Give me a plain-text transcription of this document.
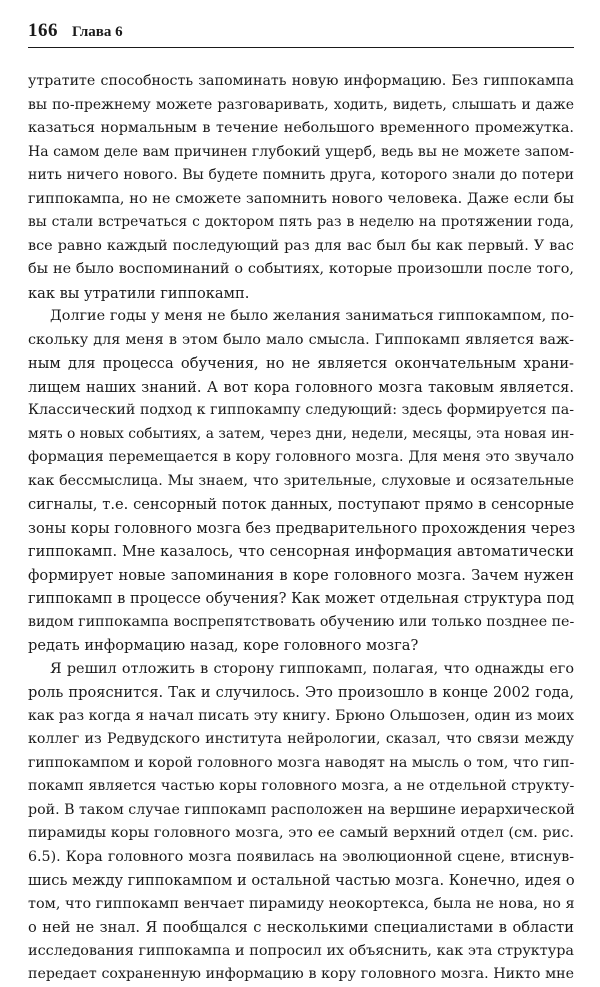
166 Глава 6
утратите способность запоминать новую информацию. Без гиппокампа
вы по-прежнему можете разговаривать, ходить, видеть, слышать и даже
казаться нормальным в течение небольшого временного промежутка.
На самом деле вам причинен глубокий ущерб, ведь вы не можете запом-
нить ничего нового. Вы будете помнить друга, которого знали до потери
гиппокампа, но не сможете запомнить нового человека. Даже если бы
вы стали встречаться с доктором пять раз в неделю на протяжении года,
все равно каждый последующий раз для вас был бы как первый. У вас
бы не было воспоминаний о событиях, которые произошли после того,
как вы утратили гиппокамп.
Долгие годы у меня не было желания заниматься гиппокампом, по-
скольку для меня в этом было мало смысла. Гиппокамп является важ-
ным для процесса обучения, но не является окончательным храни-
лищем наших знаний. А вот кора головного мозга таковым является.
Классический подход к гиппокампу следующий: здесь формируется па-
мять о новых событиях, а затем, через дни, недели, месяцы, эта новая ин-
формация перемещается в кору головного мозга. Для меня это звучало
как бессмыслица. Мы знаем, что зрительные, слуховые и осязательные
сигналы, т.е. сенсорный поток данных, поступают прямо в сенсорные
зоны коры головного мозга без предварительного прохождения через
гиппокамп. Мне казалось, что сенсорная информация автоматически
формирует новые запоминания в коре головного мозга. Зачем нужен
гиппокамп в процессе обучения? Как может отдельная структура под
видом гиппокампа воспрепятствовать обучению или только позднее пе-
редать информацию назад, коре головного мозга?
Я решил отложить в сторону гиппокамп, полагая, что однажды его
роль прояснится. Так и случилось. Это произошло в конце 2002 года,
как раз когда я начал писать эту книгу. Брюно Ольшозен, один из моих
коллег из Редвудского института нейрологии, сказал, что связи между
гиппокампом и корой головного мозга наводят на мысль о том, что гип-
покамп является частью коры головного мозга, а не отдельной структу-
рой. В таком случае гиппокамп расположен на вершине иерархической
пирамиды коры головного мозга, это ее самый верхний отдел (см. рис.
6.5). Кора головного мозга появилась на эволюционной сцене, втиснув-
шись между гиппокампом и остальной частью мозга. Конечно, идея о
том, что гиппокамп венчает пирамиду неокортекса, была не нова, но я
о ней не знал. Я пообщался с несколькими специалистами в области
исследования гиппокампа и попросил их объяснить, как эта структура
передает сохраненную информацию в кору головного мозга. Никто мне
